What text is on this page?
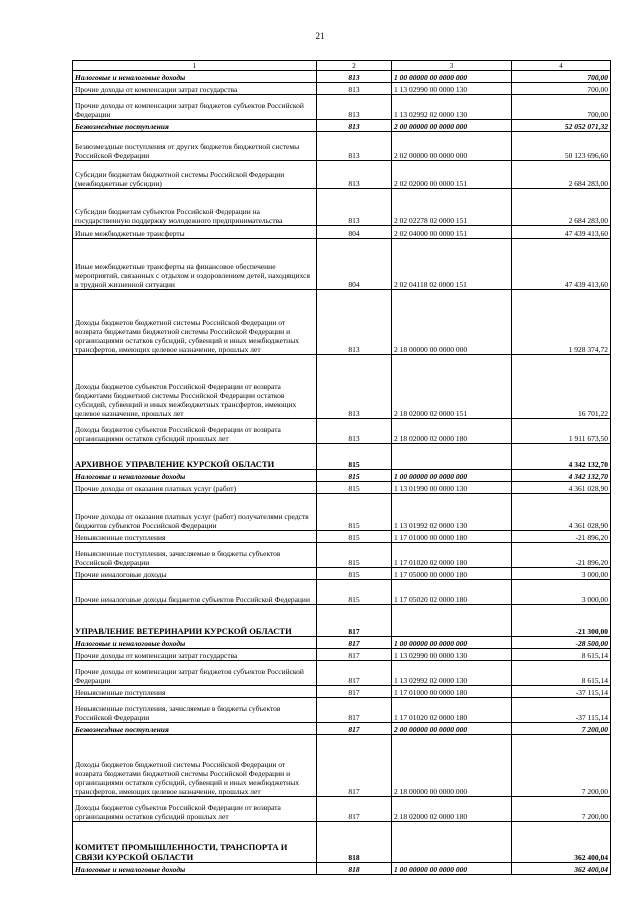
21
1	2	3	4
Налоговые и неналоговые доходы	813	1 00 00000 00 0000 000	700,00
Прочие доходы от компенсации затрат государства	813	1 13 02990 00 0000 130	700,00
Прочие доходы от компенсации затрат бюджетов субъектов Российской Федерации	813	1 13 02992 02 0000 130	700,00
Безвозмездные поступления	813	2 00 00000 00 0000 000	52 052 071,32
Безвозмездные поступления от других бюджетов бюджетной системы Российской Федерации	813	2 02 00000 00 0000 000	50 123 696,60
Субсидии бюджетам бюджетной системы Российской Федерации (межбюджетные субсидии)	813	2 02 02000 00 0000 151	2 684 283,00
Субсидии бюджетам субъектов Российской Федерации на государственную поддержку молодежного предпринимательства	813	2 02 02278 02 0000 151	2 684 283,00
Иные межбюджетные трансферты	804	2 02 04000 00 0000 151	47 439 413,60
Иные межбюджетные трансферты на финансовое обеспечение мероприятий, связанных с отдыхом и оздоровлением детей, находящихся в трудной жизненной ситуации	804	2 02 04118 02 0000 151	47 439 413,60
Доходы бюджетов бюджетной системы Российской Федерации от возврата бюджетами бюджетной системы Российской Федерации и организациями остатков субсидий, субвенций и иных межбюджетных трансфертов, имеющих целевое назначение, прошлых лет	813	2 18 00000 00 0000 000	1 928 374,72
Доходы бюджетов субъектов Российской Федерации от возврата бюджетами бюджетной системы Российской Федерации остатков субсидий, субвенций и иных межбюджетных трансфертов, имеющих целевое назначение, прошлых лет	813	2 18 02000 02 0000 151	16 701,22
Доходы бюджетов субъектов Российской Федерации от возврата организациями остатков субсидий прошлых лет	813	2 18 02000 02 0000 180	1 911 673,50
АРХИВНОЕ УПРАВЛЕНИЕ КУРСКОЙ ОБЛАСТИ	815		4 342 132,70
Налоговые и неналоговые доходы	815	1 00 00000 00 0000 000	4 342 132,70
Прочие доходы от оказания платных услуг (работ)	815	1 13 01990 00 0000 130	4 361 028,90
Прочие доходы от оказания платных услуг (работ) получателями средств бюджетов субъектов Российской Федерации	815	1 13 01992 02 0000 130	4 361 028,90
Невыясненные поступления	815	1 17 01000 00 0000 180	-21 896,20
Невыясненные поступления, зачисляемые в бюджеты субъектов Российской Федерации	815	1 17 01020 02 0000 180	-21 896,20
Прочие неналоговые доходы	815	1 17 05000 00 0000 180	3 000,00
Прочие неналоговые доходы бюджетов субъектов Российской Федерации	815	1 17 05020 02 0000 180	3 000,00
УПРАВЛЕНИЕ ВЕТЕРИНАРИИ КУРСКОЙ ОБЛАСТИ	817		-21 300,00
Налоговые и неналоговые доходы	817	1 00 00000 00 0000 000	-28 500,00
Прочие доходы от компенсации затрат государства	817	1 13 02990 00 0000 130	8 615,14
Прочие доходы от компенсации затрат бюджетов субъектов Российской Федерации	817	1 13 02992 02 0000 130	8 615,14
Невыясненные поступления	817	1 17 01000 00 0000 180	-37 115,14
Невыясненные поступления, зачисляемые в бюджеты субъектов Российской Федерации	817	1 17 01020 02 0000 180	-37 115,14
Безвозмездные поступления	817	2 00 00000 00 0000 000	7 200,00
Доходы бюджетов бюджетной системы Российской Федерации от возврата бюджетами бюджетной системы Российской Федерации и организациями остатков субсидий, субвенций и иных межбюджетных трансфертов, имеющих целевое назначение, прошлых лет	817	2 18 00000 00 0000 000	7 200,00
Доходы бюджетов субъектов Российской Федерации от возврата организациями остатков субсидий прошлых лет	817	2 18 02000 02 0000 180	7 200,00
КОМИТЕТ ПРОМЫШЛЕННОСТИ, ТРАНСПОРТА И СВЯЗИ КУРСКОЙ ОБЛАСТИ	818		362 400,04
Налоговые и неналоговые доходы	818	1 00 00000 00 0000 000	362 400,04
